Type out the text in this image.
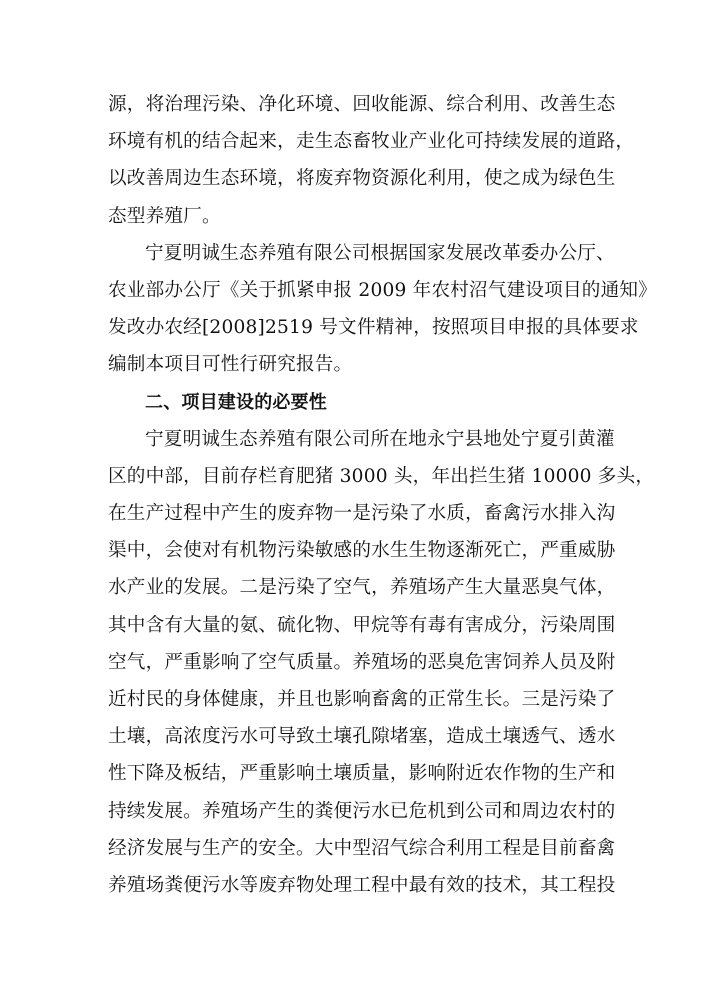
源，将治理污染、净化环境、回收能源、综合利用、改善生态
环境有机的结合起来，走生态畜牧业产业化可持续发展的道路，
以改善周边生态环境，将废弃物资源化利用，使之成为绿色生
态型养殖厂。
宁夏明诚生态养殖有限公司根据国家发展改革委办公厅、
农业部办公厅《关于抓紧申报 2009 年农村沼气建设项目的通知》
发改办农经[2008]2519 号文件精神，按照项目申报的具体要求
编制本项目可性行研究报告。
二、项目建设的必要性
宁夏明诚生态养殖有限公司所在地永宁县地处宁夏引黄灌
区的中部，目前存栏育肥猪 3000 头，年出拦生猪 10000 多头，
在生产过程中产生的废弃物一是污染了水质，畜禽污水排入沟
渠中，会使对有机物污染敏感的水生生物逐渐死亡，严重威胁
水产业的发展。二是污染了空气，养殖场产生大量恶臭气体，
其中含有大量的氨、硫化物、甲烷等有毒有害成分，污染周围
空气，严重影响了空气质量。养殖场的恶臭危害饲养人员及附
近村民的身体健康，并且也影响畜禽的正常生长。三是污染了
土壤，高浓度污水可导致土壤孔隙堵塞，造成土壤透气、透水
性下降及板结，严重影响土壤质量，影响附近农作物的生产和
持续发展。养殖场产生的粪便污水已危机到公司和周边农村的
经济发展与生产的安全。大中型沼气综合利用工程是目前畜禽
养殖场粪便污水等废弃物处理工程中最有效的技术，其工程投
